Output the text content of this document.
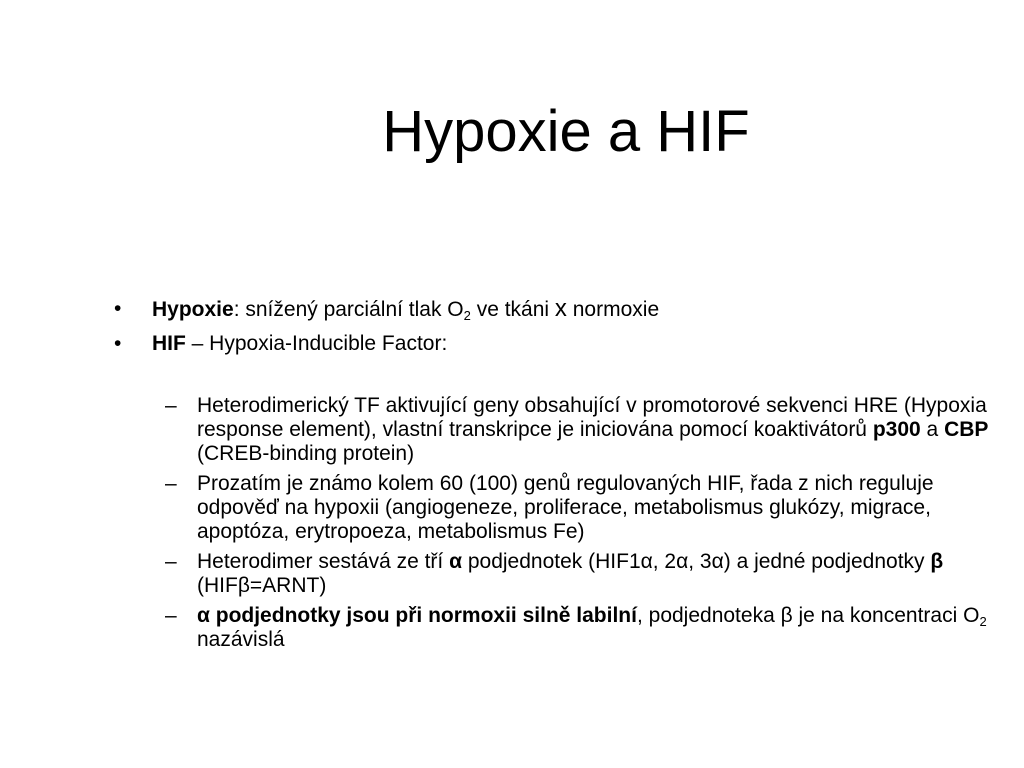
Hypoxie a HIF
• Hypoxie: snížený parciální tlak $O_2$ ve tkáni x normoxie
• HIF – Hypoxia-Inducible Factor:
– Heterodimerický TF aktivující geny obsahující v promotorové sekvenci HRE (Hypoxia response element), vlastní transkripce je iniciována pomocí koaktivátorů p300 a CBP (CREB-binding protein)
– Prozatím je známo kolem 60 (100) genů regulovaných HIF, řada z nich reguluje odpověď na hypoxii (angiogeneze, proliferace, metabolismus glukózy, migrace, apoptóza, erytropoeza, metabolismus Fe)
– Heterodimer sestává ze tří α podjednotek (HIF1α, 2α, 3α) a jedné podjednotky β (HIFβ=ARNT)
– α podjednotky jsou při normoxii silně labilní, podjednoteka β je na koncentraci $O_2$ nazávislá
